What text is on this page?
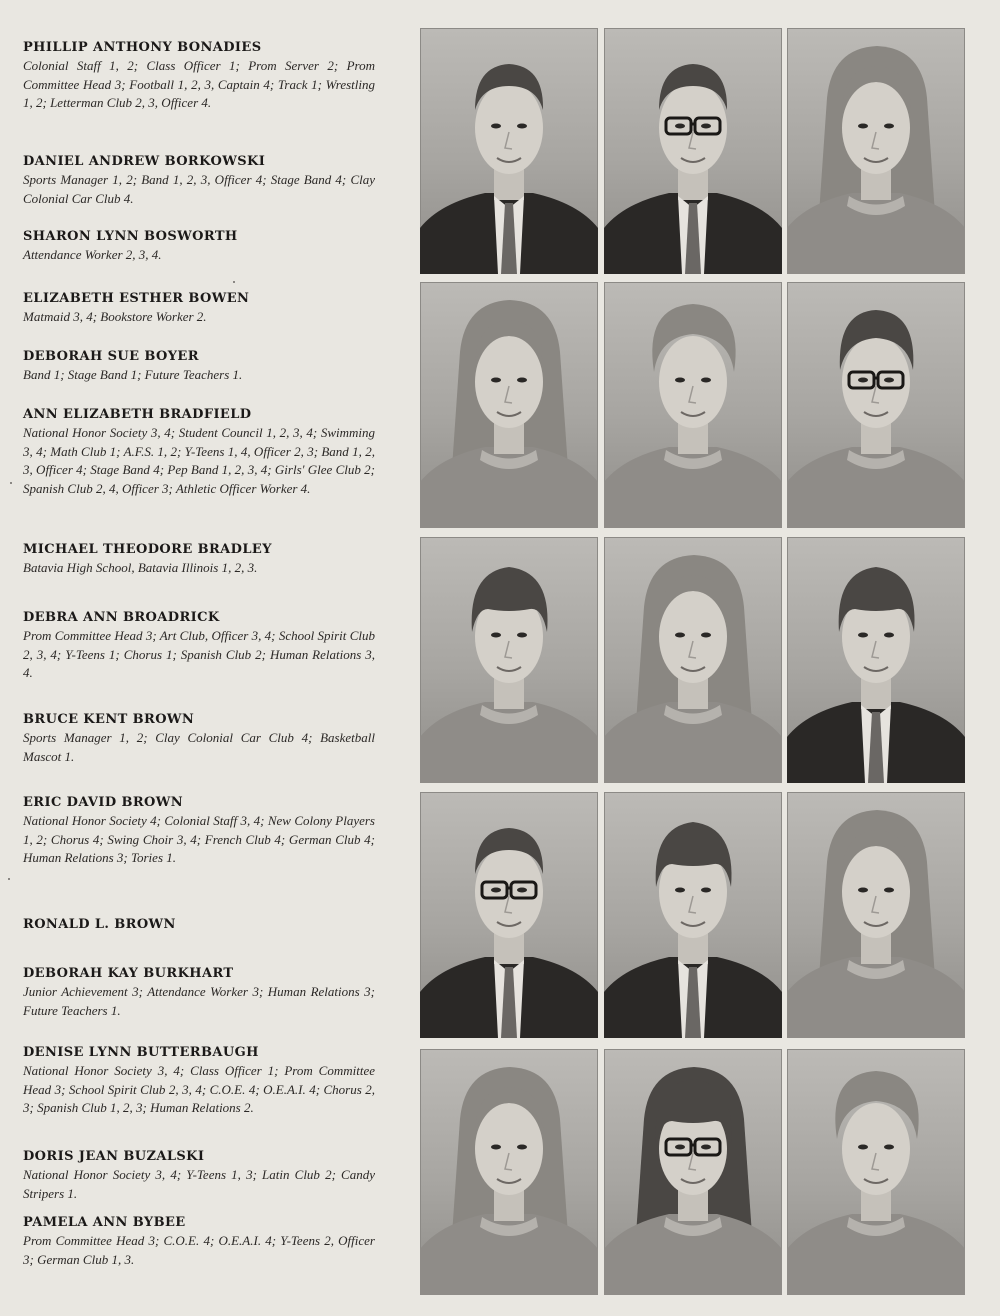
PHILLIP ANTHONY BONADIES

Colonial Staff 1, 2; Class Officer 1; Prom Server 2; Prom Committee Head 3; Football 1, 2, 3, Captain 4; Track 1; Wrestling 1, 2; Letterman Club 2, 3, Officer 4.

DANIEL ANDREW BORKOWSKI

Sports Manager 1, 2; Band 1, 2, 3, Officer 4; Stage Band 4; Clay Colonial Car Club 4.

SHARON LYNN BOSWORTH

Attendance Worker 2, 3, 4.

ELIZABETH ESTHER BOWEN

Matmaid 3, 4; Bookstore Worker 2.

DEBORAH SUE BOYER

Band 1; Stage Band 1; Future Teachers 1.

ANN ELIZABETH BRADFIELD

National Honor Society 3, 4; Student Council 1, 2, 3, 4; Swimming 3, 4; Math Club 1; A.F.S. 1, 2; Y-Teens 1, 4, Officer 2, 3; Band 1, 2, 3, Officer 4; Stage Band 4; Pep Band 1, 2, 3, 4; Girls' Glee Club 2; Spanish Club 2, 4, Officer 3; Athletic Officer Worker 4.

MICHAEL THEODORE BRADLEY

Batavia High School, Batavia Illinois 1, 2, 3.

DEBRA ANN BROADRICK

Prom Committee Head 3; Art Club, Officer 3, 4; School Spirit Club 2, 3, 4; Y-Teens 1; Chorus 1; Spanish Club 2; Human Relations 3, 4.

BRUCE KENT BROWN

Sports Manager 1, 2; Clay Colonial Car Club 4; Basketball Mascot 1.

ERIC DAVID BROWN

National Honor Society 4; Colonial Staff 3, 4; New Colony Players 1, 2; Chorus 4; Swing Choir 3, 4; French Club 4; German Club 4; Human Relations 3; Tories 1.

RONALD L. BROWN

DEBORAH KAY BURKHART

Junior Achievement 3; Attendance Worker 3; Human Relations 3; Future Teachers 1.

DENISE LYNN BUTTERBAUGH

National Honor Society 3, 4; Class Officer 1; Prom Committee Head 3; School Spirit Club 2, 3, 4; C.O.E. 4; O.E.A.I. 4; Chorus 2, 3; Spanish Club 1, 2, 3; Human Relations 2.

DORIS JEAN BUZALSKI

National Honor Society 3, 4; Y-Teens 1, 3; Latin Club 2; Candy Stripers 1.

PAMELA ANN BYBEE

Prom Committee Head 3; C.O.E. 4; O.E.A.I. 4; Y-Teens 2, Officer 3; German Club 1, 3.
